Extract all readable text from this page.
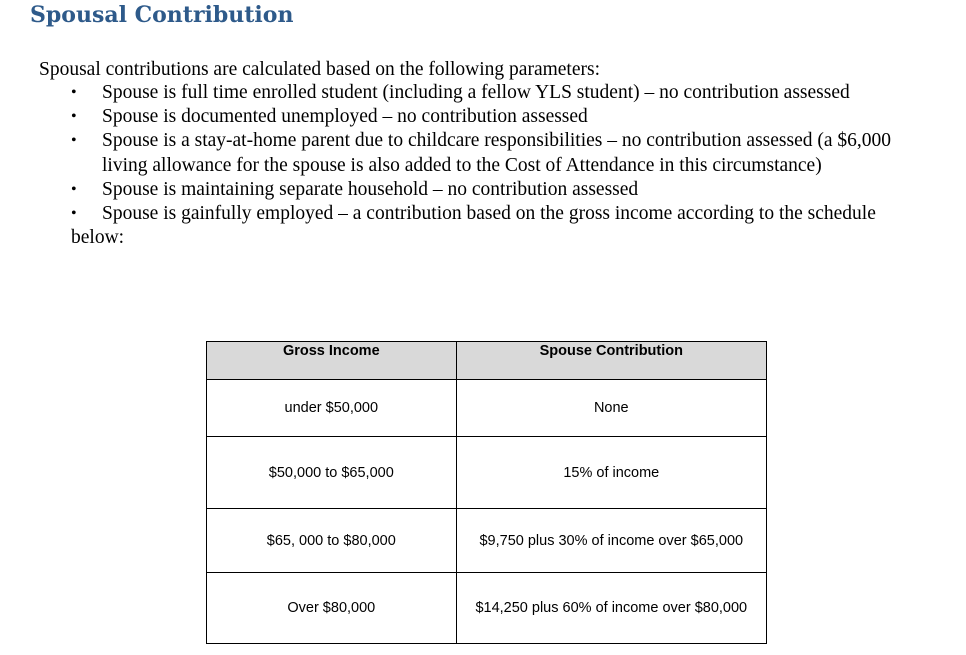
Spousal Contribution

Spousal contributions are calculated based on the following parameters:

• Spouse is full time enrolled student (including a fellow YLS student) – no contribution assessed
• Spouse is documented unemployed – no contribution assessed
• Spouse is a stay-at-home parent due to childcare responsibilities – no contribution assessed (a $6,000 living allowance for the spouse is also added to the Cost of Attendance in this circumstance)
• Spouse is maintaining separate household – no contribution assessed
• Spouse is gainfully employed – a contribution based on the gross income according to the schedule
below:
Gross Income	Spouse Contribution
under $50,000	None
$50,000 to $65,000	15% of income
$65, 000 to $80,000	$9,750 plus 30% of income over $65,000
Over $80,000	$14,250 plus 60% of income over $80,000
